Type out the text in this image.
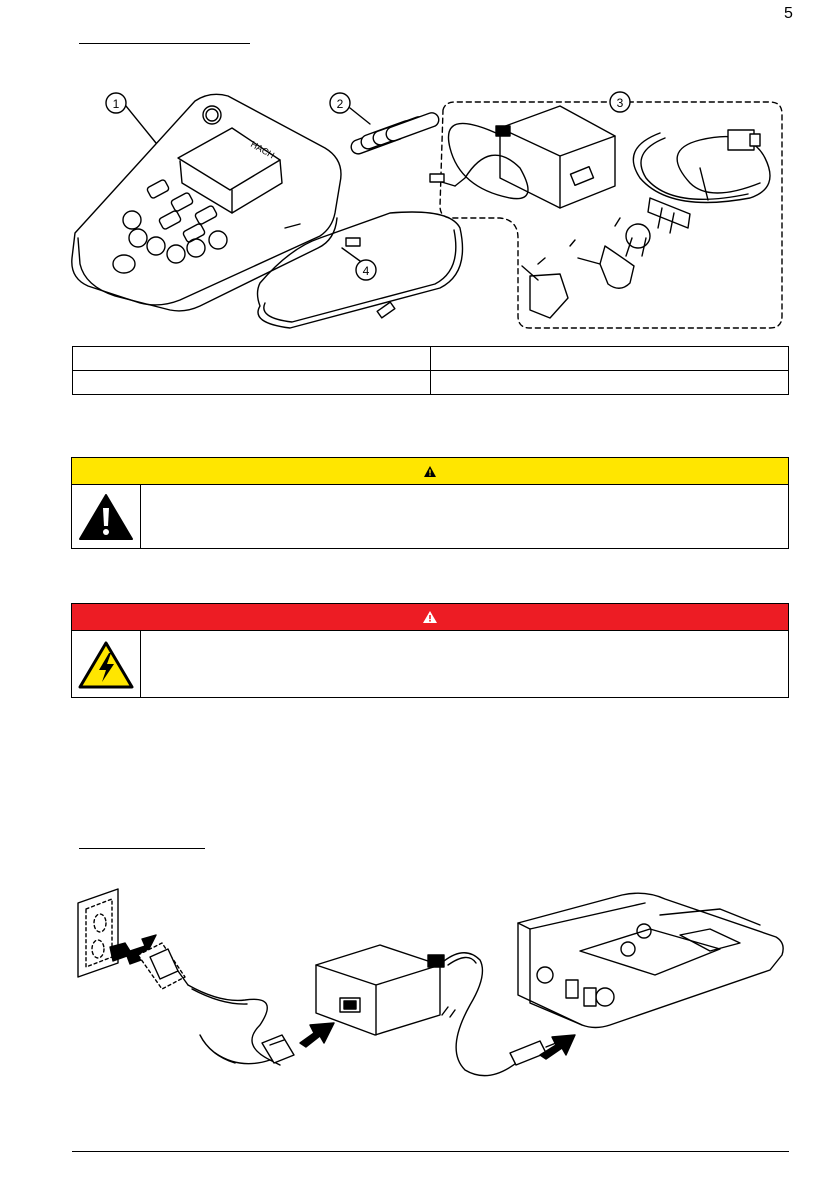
5
HACH
1	2	3
4
